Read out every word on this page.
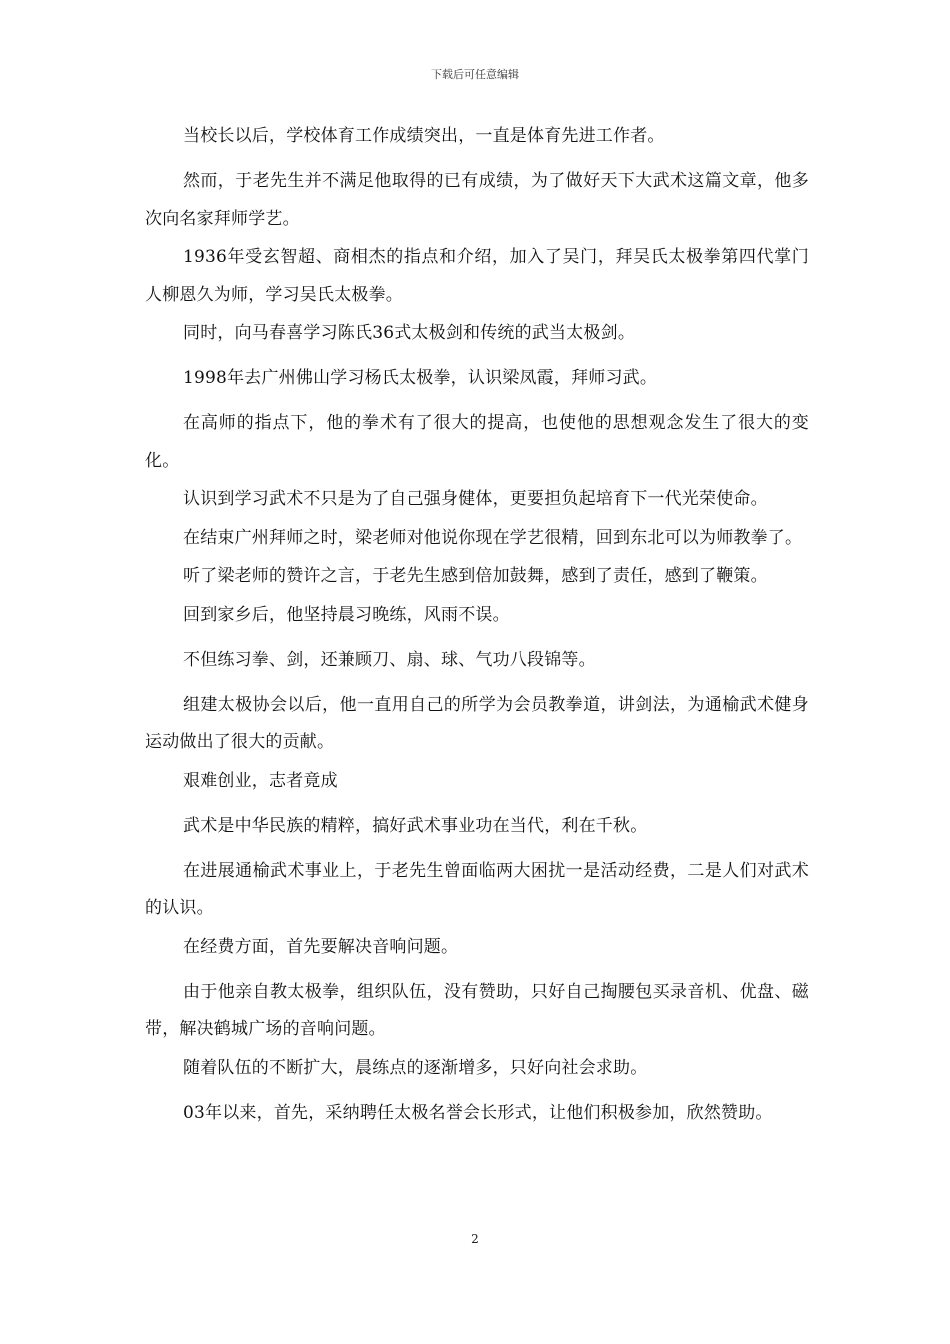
下载后可任意编辑

当校长以后，学校体育工作成绩突出，一直是体育先进工作者。

然而，于老先生并不满足他取得的已有成绩，为了做好天下大武术这篇文章，他多次向名家拜师学艺。

1936年受玄智超、商相杰的指点和介绍，加入了吴门，拜吴氏太极拳第四代掌门人柳恩久为师，学习吴氏太极拳。

同时，向马春喜学习陈氏36式太极剑和传统的武当太极剑。

1998年去广州佛山学习杨氏太极拳，认识梁凤霞，拜师习武。

在高师的指点下，他的拳术有了很大的提高，也使他的思想观念发生了很大的变化。

认识到学习武术不只是为了自己强身健体，更要担负起培育下一代光荣使命。

在结束广州拜师之时，梁老师对他说你现在学艺很精，回到东北可以为师教拳了。

听了梁老师的赞许之言，于老先生感到倍加鼓舞，感到了责任，感到了鞭策。

回到家乡后，他坚持晨习晚练，风雨不误。

不但练习拳、剑，还兼顾刀、扇、球、气功八段锦等。

组建太极协会以后，他一直用自己的所学为会员教拳道，讲剑法，为通榆武术健身运动做出了很大的贡献。

艰难创业，志者竟成

武术是中华民族的精粹，搞好武术事业功在当代，利在千秋。

在进展通榆武术事业上，于老先生曾面临两大困扰一是活动经费，二是人们对武术的认识。

在经费方面，首先要解决音响问题。

由于他亲自教太极拳，组织队伍，没有赞助，只好自己掏腰包买录音机、优盘、磁带，解决鹤城广场的音响问题。

随着队伍的不断扩大，晨练点的逐渐增多，只好向社会求助。

03年以来，首先，采纳聘任太极名誉会长形式，让他们积极参加，欣然赞助。

2
